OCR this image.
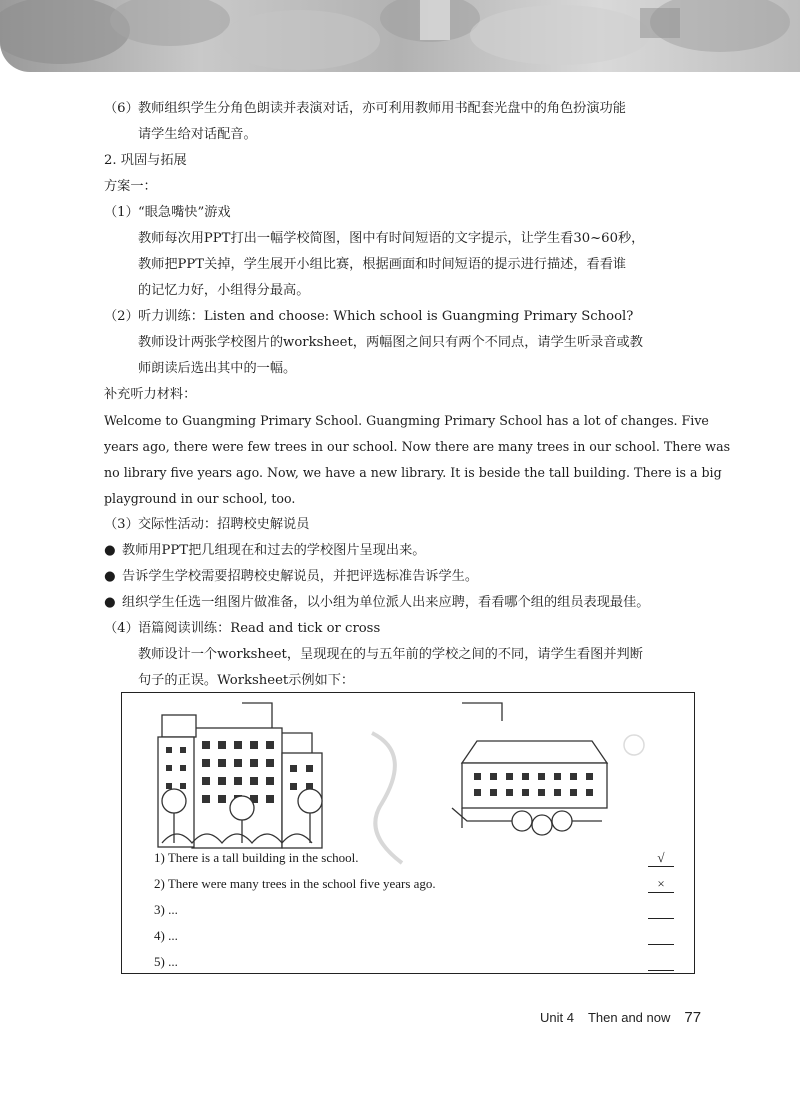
（6） 教师组织学生分角色朗读并表演对话，亦可利用教师用书配套光盘中的角色扮演功能
请学生给对话配音。
2. 巩固与拓展
方案一：
（1） “眼急嘴快”游戏
教师每次用PPT打出一幅学校简图，图中有时间短语的文字提示，让学生看30~60秒，
教师把PPT关掉，学生展开小组比赛，根据画面和时间短语的提示进行描述，看看谁
的记忆力好，小组得分最高。
（2） 听力训练：Listen and choose: Which school is Guangming Primary School?
教师设计两张学校图片的worksheet，两幅图之间只有两个不同点，请学生听录音或教
师朗读后选出其中的一幅。
补充听力材料：
Welcome to Guangming Primary School. Guangming Primary School has a lot of changes. Five
years ago, there were few trees in our school. Now there are many trees in our school. There was
no library five years ago. Now, we have a new library. It is beside the tall building. There is a big
playground in our school, too.
（3） 交际性活动：招聘校史解说员
● 教师用PPT把几组现在和过去的学校图片呈现出来。
● 告诉学生学校需要招聘校史解说员，并把评选标准告诉学生。
● 组织学生任选一组图片做准备，以小组为单位派人出来应聘，看看哪个组的组员表现最佳。
（4） 语篇阅读训练：Read and tick or cross
教师设计一个worksheet，呈现现在的与五年前的学校之间的不同，请学生看图并判断
句子的正误。Worksheet示例如下：
1) There is a tall building in the school.	√
2) There were many trees in the school five years ago.	×
3) ...
4) ...
5) ...
Unit 4 Then and now 77
